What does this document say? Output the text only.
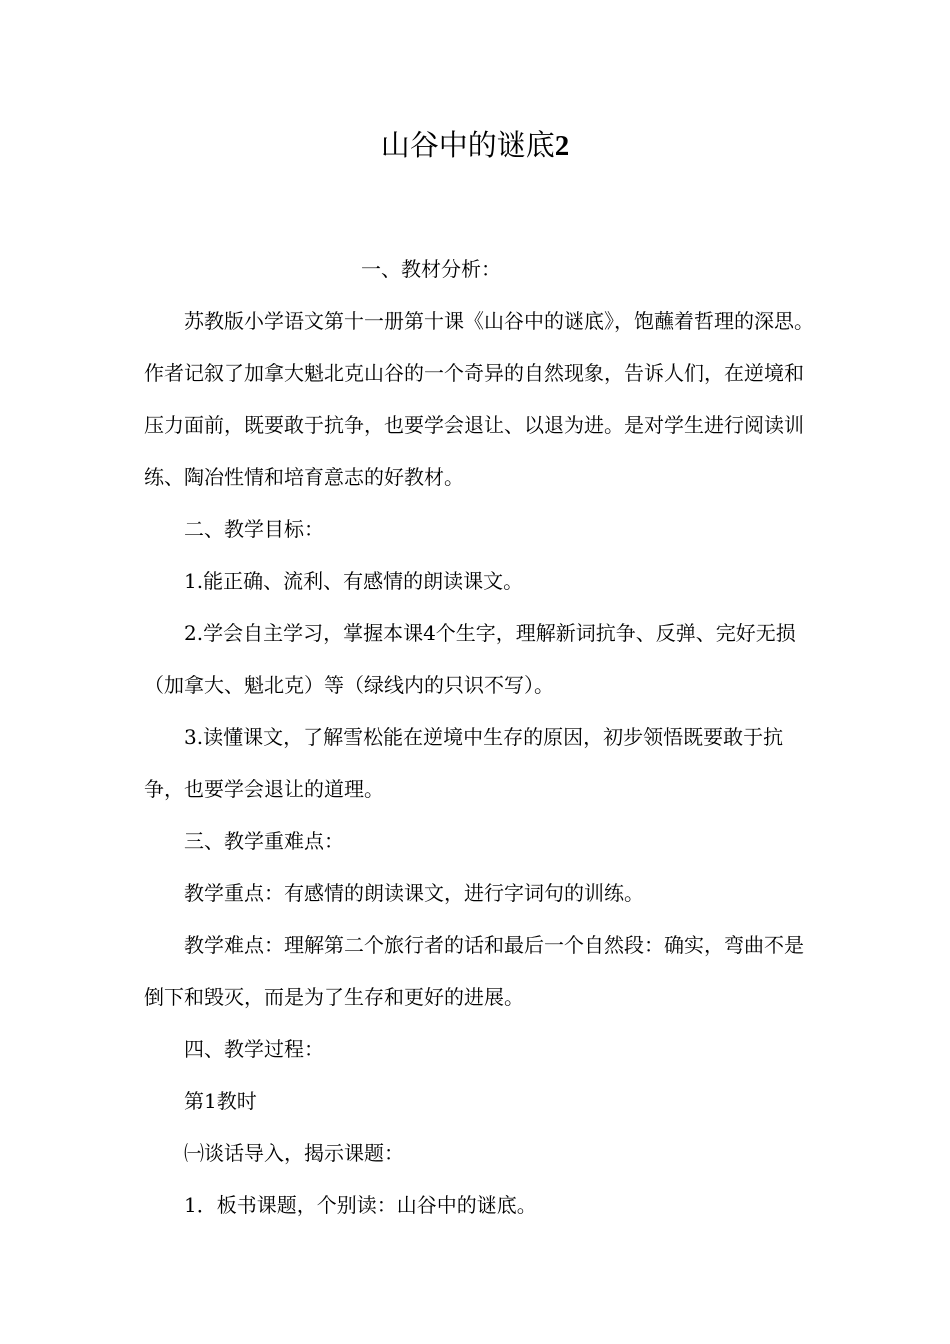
山谷中的谜底2

一、教材分析：

苏教版小学语文第十一册第十课《山谷中的谜底》，饱蘸着哲理的深思。作者记叙了加拿大魁北克山谷的一个奇异的自然现象，告诉人们，在逆境和压力面前，既要敢于抗争，也要学会退让、以退为进。是对学生进行阅读训练、陶冶性情和培育意志的好教材。

二、教学目标：

1.能正确、流利、有感情的朗读课文。

2.学会自主学习，掌握本课4个生字，理解新词抗争、反弹、完好无损（加拿大、魁北克）等（绿线内的只识不写）。

3.读懂课文，了解雪松能在逆境中生存的原因，初步领悟既要敢于抗争，也要学会退让的道理。

三、教学重难点：

教学重点：有感情的朗读课文，进行字词句的训练。

教学难点：理解第二个旅行者的话和最后一个自然段：确实，弯曲不是倒下和毁灭，而是为了生存和更好的进展。

四、教学过程：

第1教时

㈠谈话导入，揭示课题：

1．板书课题，个别读：山谷中的谜底。
